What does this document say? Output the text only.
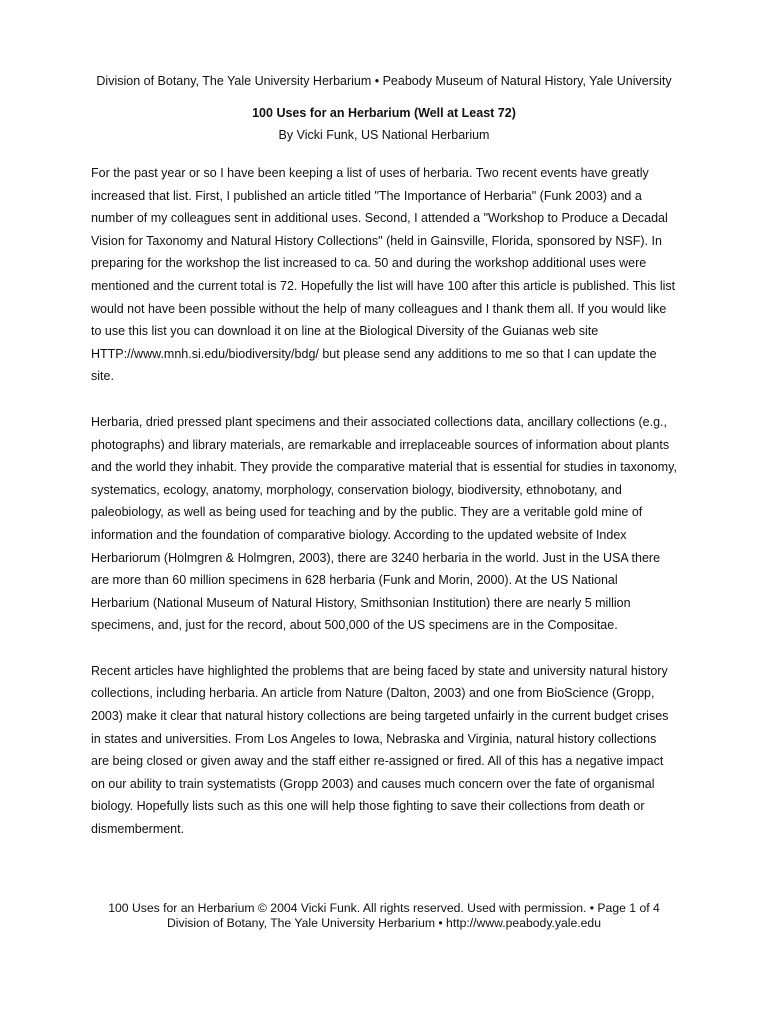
Division of Botany, The Yale University Herbarium • Peabody Museum of Natural History, Yale University
100 Uses for an Herbarium (Well at Least 72)
By Vicki Funk, US National Herbarium

For the past year or so I have been keeping a list of uses of herbaria. Two recent events have greatly increased that list. First, I published an article titled "The Importance of Herbaria" (Funk 2003) and a number of my colleagues sent in additional uses. Second, I attended a "Workshop to Produce a Decadal Vision for Taxonomy and Natural History Collections" (held in Gainsville, Florida, sponsored by NSF). In preparing for the workshop the list increased to ca. 50 and during the workshop additional uses were mentioned and the current total is 72. Hopefully the list will have 100 after this article is published. This list would not have been possible without the help of many colleagues and I thank them all. If you would like to use this list you can download it on line at the Biological Diversity of the Guianas web site HTTP://www.mnh.si.edu/biodiversity/bdg/ but please send any additions to me so that I can update the site.

Herbaria, dried pressed plant specimens and their associated collections data, ancillary collections (e.g., photographs) and library materials, are remarkable and irreplaceable sources of information about plants and the world they inhabit. They provide the comparative material that is essential for studies in taxonomy, systematics, ecology, anatomy, morphology, conservation biology, biodiversity, ethnobotany, and paleobiology, as well as being used for teaching and by the public. They are a veritable gold mine of information and the foundation of comparative biology. According to the updated website of Index Herbariorum (Holmgren & Holmgren, 2003), there are 3240 herbaria in the world. Just in the USA there are more than 60 million specimens in 628 herbaria (Funk and Morin, 2000). At the US National Herbarium (National Museum of Natural History, Smithsonian Institution) there are nearly 5 million specimens, and, just for the record, about 500,000 of the US specimens are in the Compositae.

Recent articles have highlighted the problems that are being faced by state and university natural history collections, including herbaria. An article from Nature (Dalton, 2003) and one from BioScience (Gropp, 2003) make it clear that natural history collections are being targeted unfairly in the current budget crises in states and universities. From Los Angeles to Iowa, Nebraska and Virginia, natural history collections are being closed or given away and the staff either re-assigned or fired. All of this has a negative impact on our ability to train systematists (Gropp 2003) and causes much concern over the fate of organismal biology. Hopefully lists such as this one will help those fighting to save their collections from death or dismemberment.

100 Uses for an Herbarium © 2004 Vicki Funk. All rights reserved. Used with permission. • Page 1 of 4
Division of Botany, The Yale University Herbarium • http://www.peabody.yale.edu
